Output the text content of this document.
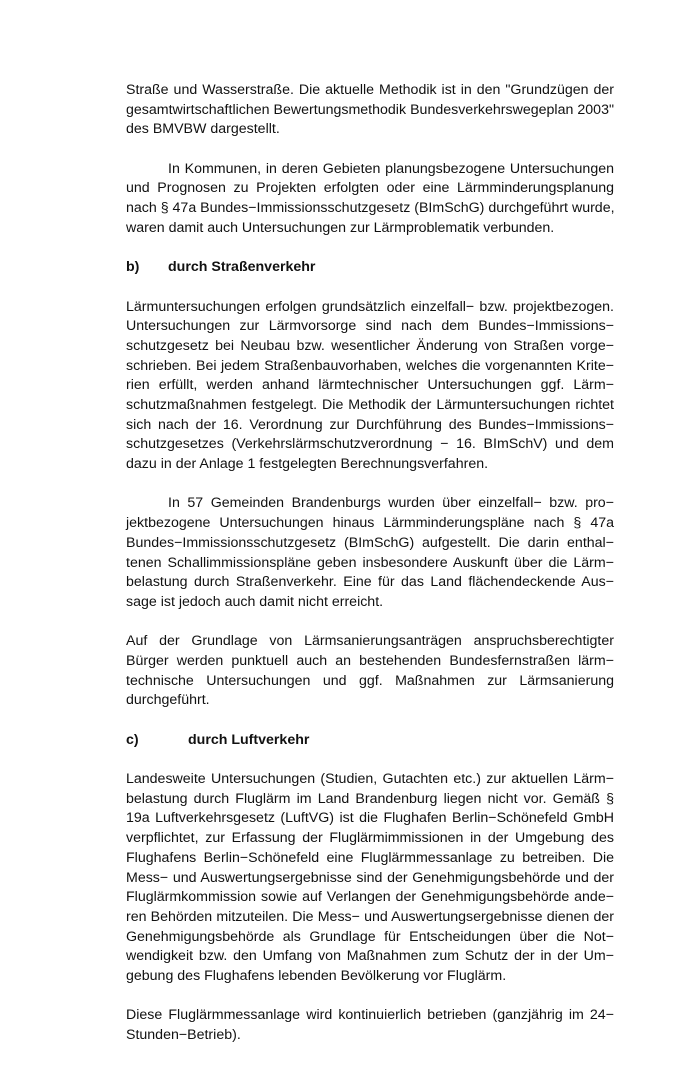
Straße und Wasserstraße. Die aktuelle Methodik ist in den "Grundzügen der
gesamtwirtschaftlichen Bewertungsmethodik Bundesverkehrswegeplan 2003"
des BMVBW dargestellt.
In Kommunen, in deren Gebieten planungsbezogene Untersuchungen
und Prognosen zu Projekten erfolgten oder eine Lärmminderungsplanung
nach § 47a Bundes−Immissionsschutzgesetz (BImSchG) durchgeführt wurde,
waren damit auch Untersuchungen zur Lärmproblematik verbunden.
b) durch Straßenverkehr
Lärmuntersuchungen erfolgen grundsätzlich einzelfall− bzw. projektbezogen.
Untersuchungen zur Lärmvorsorge sind nach dem Bundes−Immissions−
schutzgesetz bei Neubau bzw. wesentlicher Änderung von Straßen vorge−
schrieben. Bei jedem Straßenbauvorhaben, welches die vorgenannten Krite−
rien erfüllt, werden anhand lärmtechnischer Untersuchungen ggf. Lärm−
schutzmaßnahmen festgelegt. Die Methodik der Lärmuntersuchungen richtet
sich nach der 16. Verordnung zur Durchführung des Bundes−Immissions−
schutzgesetzes (Verkehrslärmschutzverordnung − 16. BImSchV) und dem
dazu in der Anlage 1 festgelegten Berechnungsverfahren.
In 57 Gemeinden Brandenburgs wurden über einzelfall− bzw. pro−
jektbezogene Untersuchungen hinaus Lärmminderungspläne nach § 47a
Bundes−Immissionsschutzgesetz (BImSchG) aufgestellt. Die darin enthal−
tenen Schallimmissionspläne geben insbesondere Auskunft über die Lärm−
belastung durch Straßenverkehr. Eine für das Land flächendeckende Aus−
sage ist jedoch auch damit nicht erreicht.
Auf der Grundlage von Lärmsanierungsanträgen anspruchsberechtigter
Bürger werden punktuell auch an bestehenden Bundesfernstraßen lärm−
technische Untersuchungen und ggf. Maßnahmen zur Lärmsanierung
durchgeführt.
c)	durch Luftverkehr
Landesweite Untersuchungen (Studien, Gutachten etc.) zur aktuellen Lärm−
belastung durch Fluglärm im Land Brandenburg liegen nicht vor. Gemäß §
19a Luftverkehrsgesetz (LuftVG) ist die Flughafen Berlin−Schönefeld GmbH
verpflichtet, zur Erfassung der Fluglärmimmissionen in der Umgebung des
Flughafens Berlin−Schönefeld eine Fluglärmmessanlage zu betreiben. Die
Mess− und Auswertungsergebnisse sind der Genehmigungsbehörde und der
Fluglärmkommission sowie auf Verlangen der Genehmigungsbehörde ande−
ren Behörden mitzuteilen. Die Mess− und Auswertungsergebnisse dienen der
Genehmigungsbehörde als Grundlage für Entscheidungen über die Not−
wendigkeit bzw. den Umfang von Maßnahmen zum Schutz der in der Um−
gebung des Flughafens lebenden Bevölkerung vor Fluglärm.
Diese Fluglärmmessanlage wird kontinuierlich betrieben (ganzjährig im 24−
Stunden−Betrieb).
